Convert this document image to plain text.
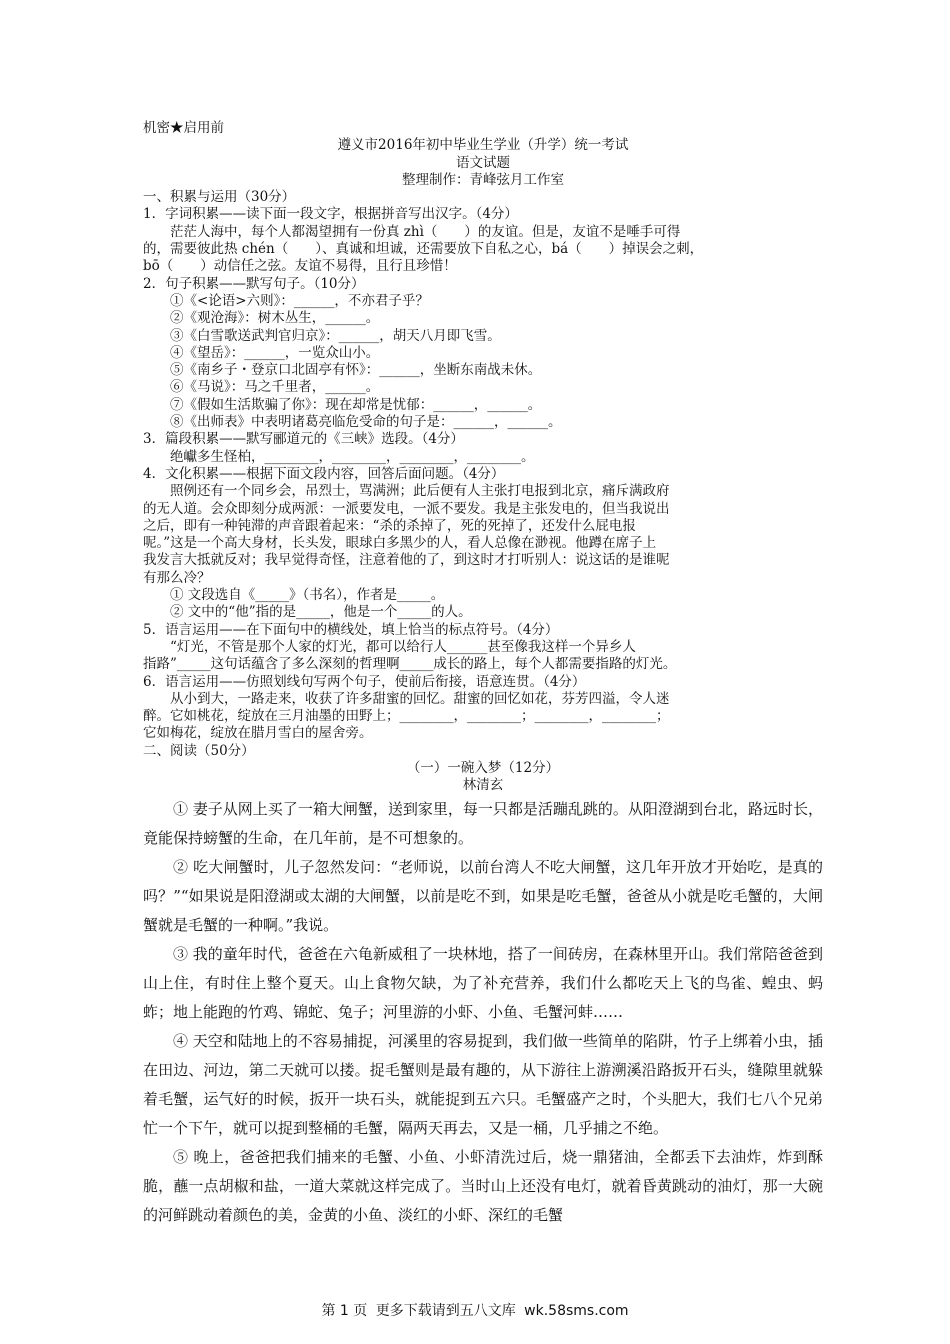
机密★启用前

遵义市2016年初中毕业生学业（升学）统一考试

语文试题

整理制作：青峰弦月工作室

一、积累与运用（30分）

1．字词积累——读下面一段文字，根据拼音写出汉字。（4分）

茫茫人海中，每个人都渴望拥有一份真 zhì（　　）的友谊。但是，友谊不是唾手可得

的，需要彼此热 chén（　　）、真诚和坦诚，还需要放下自私之心，bá（　　）掉误会之刺，

bō（　　）动信任之弦。友谊不易得，且行且珍惜！

2．句子积累——默写句子。（10分）

①《<论语>六则》：______，不亦君子乎？

②《观沧海》：树木丛生，______。

③《白雪歌送武判官归京》：______，胡天八月即飞雪。

④《望岳》：______，一览众山小。

⑤《南乡子・登京口北固亭有怀》：______，坐断东南战未休。

⑥《马说》：马之千里者，______。

⑦《假如生活欺骗了你》：现在却常是忧郁：______，______。

⑧《出师表》中表明诸葛亮临危受命的句子是：______，______。

3．篇段积累——默写郦道元的《三峡》选段。（4分）

绝巘多生怪柏，________，________，________，________。

4．文化积累——根据下面文段内容，回答后面问题。（4分）

照例还有一个同乡会，吊烈士，骂满洲；此后便有人主张打电报到北京，痛斥满政府

的无人道。会众即刻分成两派：一派要发电，一派不要发。我是主张发电的，但当我说出

之后，即有一种钝滞的声音跟着起来：“杀的杀掉了，死的死掉了，还发什么屁电报

呢。”这是一个高大身材，长头发，眼球白多黑少的人，看人总像在渺视。他蹲在席子上

我发言大抵就反对；我早觉得奇怪，注意着他的了，到这时才打听别人：说这话的是谁呢

有那么冷？

① 文段选自《_____》（书名），作者是_____。

② 文中的“他”指的是_____，他是一个_____的人。

5．语言运用——在下面句中的横线处，填上恰当的标点符号。（4分）

“灯光，不管是那个人家的灯光，都可以给行人______甚至像我这样一个异乡人

指路”_____这句话蕴含了多么深刻的哲理啊_____成长的路上，每个人都需要指路的灯光。

6．语言运用——仿照划线句写两个句子，使前后衔接，语意连贯。（4分）

从小到大，一路走来，收获了许多甜蜜的回忆。甜蜜的回忆如花，芬芳四溢，令人迷

醉。它如桃花，绽放在三月油墨的田野上；________，________；________，________；

它如梅花，绽放在腊月雪白的屋舍旁。

二、阅读（50分）

（一）一碗入梦（12分）

林清玄

① 妻子从网上买了一箱大闸蟹，送到家里，每一只都是活蹦乱跳的。从阳澄湖到台北，路远时长，竟能保持螃蟹的生命，在几年前，是不可想象的。

② 吃大闸蟹时，儿子忽然发问：“老师说，以前台湾人不吃大闸蟹，这几年开放才开始吃，是真的吗？”“如果说是阳澄湖或太湖的大闸蟹，以前是吃不到，如果是吃毛蟹，爸爸从小就是吃毛蟹的，大闸蟹就是毛蟹的一种啊。”我说。

③ 我的童年时代，爸爸在六龟新威租了一块林地，搭了一间砖房，在森林里开山。我们常陪爸爸到山上住，有时住上整个夏天。山上食物欠缺，为了补充营养，我们什么都吃天上飞的鸟雀、蝗虫、蚂蚱；地上能跑的竹鸡、锦蛇、兔子；河里游的小虾、小鱼、毛蟹河蚌……

④ 天空和陆地上的不容易捕捉，河溪里的容易捉到，我们做一些简单的陷阱，竹子上绑着小虫，插在田边、河边，第二天就可以搂。捉毛蟹则是最有趣的，从下游往上游溯溪沿路扳开石头，缝隙里就躲着毛蟹，运气好的时候，扳开一块石头，就能捉到五六只。毛蟹盛产之时，个头肥大，我们七八个兄弟忙一个下午，就可以捉到整桶的毛蟹，隔两天再去，又是一桶，几乎捕之不绝。

⑤ 晚上，爸爸把我们捕来的毛蟹、小鱼、小虾清洗过后，烧一鼎猪油，全都丢下去油炸，炸到酥脆，蘸一点胡椒和盐，一道大菜就这样完成了。当时山上还没有电灯，就着昏黄跳动的油灯，那一大碗的河鲜跳动着颜色的美，金黄的小鱼、淡红的小虾、深红的毛蟹

第 1 页 更多下载请到五八文库 wk.58sms.com
